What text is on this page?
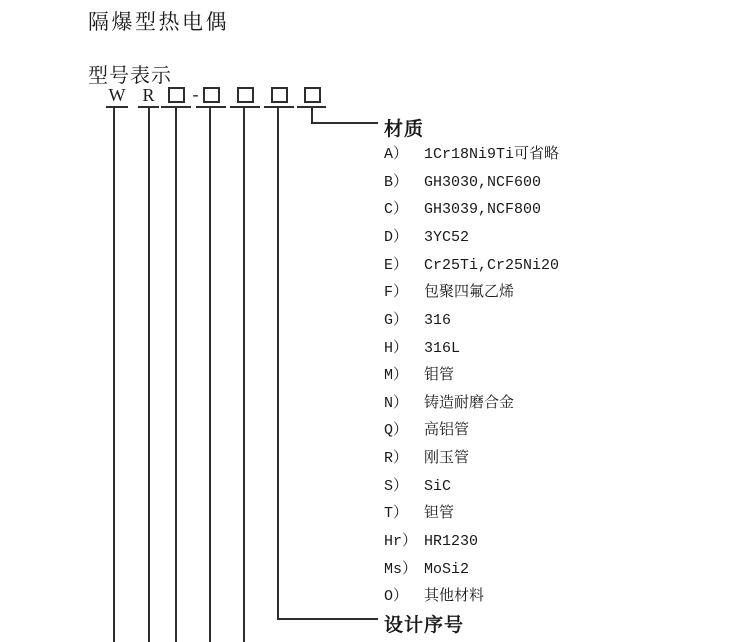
隔爆型热电偶
型号表示
W R	-
材质
A） 1Cr18Ni9Ti可省略
B） GH3030,NCF600
C） GH3039,NCF800
D） 3YC52
E） Cr25Ti,Cr25Ni20
F） 包聚四氟乙烯
G） 316
H） 316L
M） 钼管
N） 铸造耐磨合金
Q） 高铝管
R） 刚玉管
S） SiC
T） 钽管
Hr） HR1230
Ms） MoSi2
O） 其他材料
设计序号
